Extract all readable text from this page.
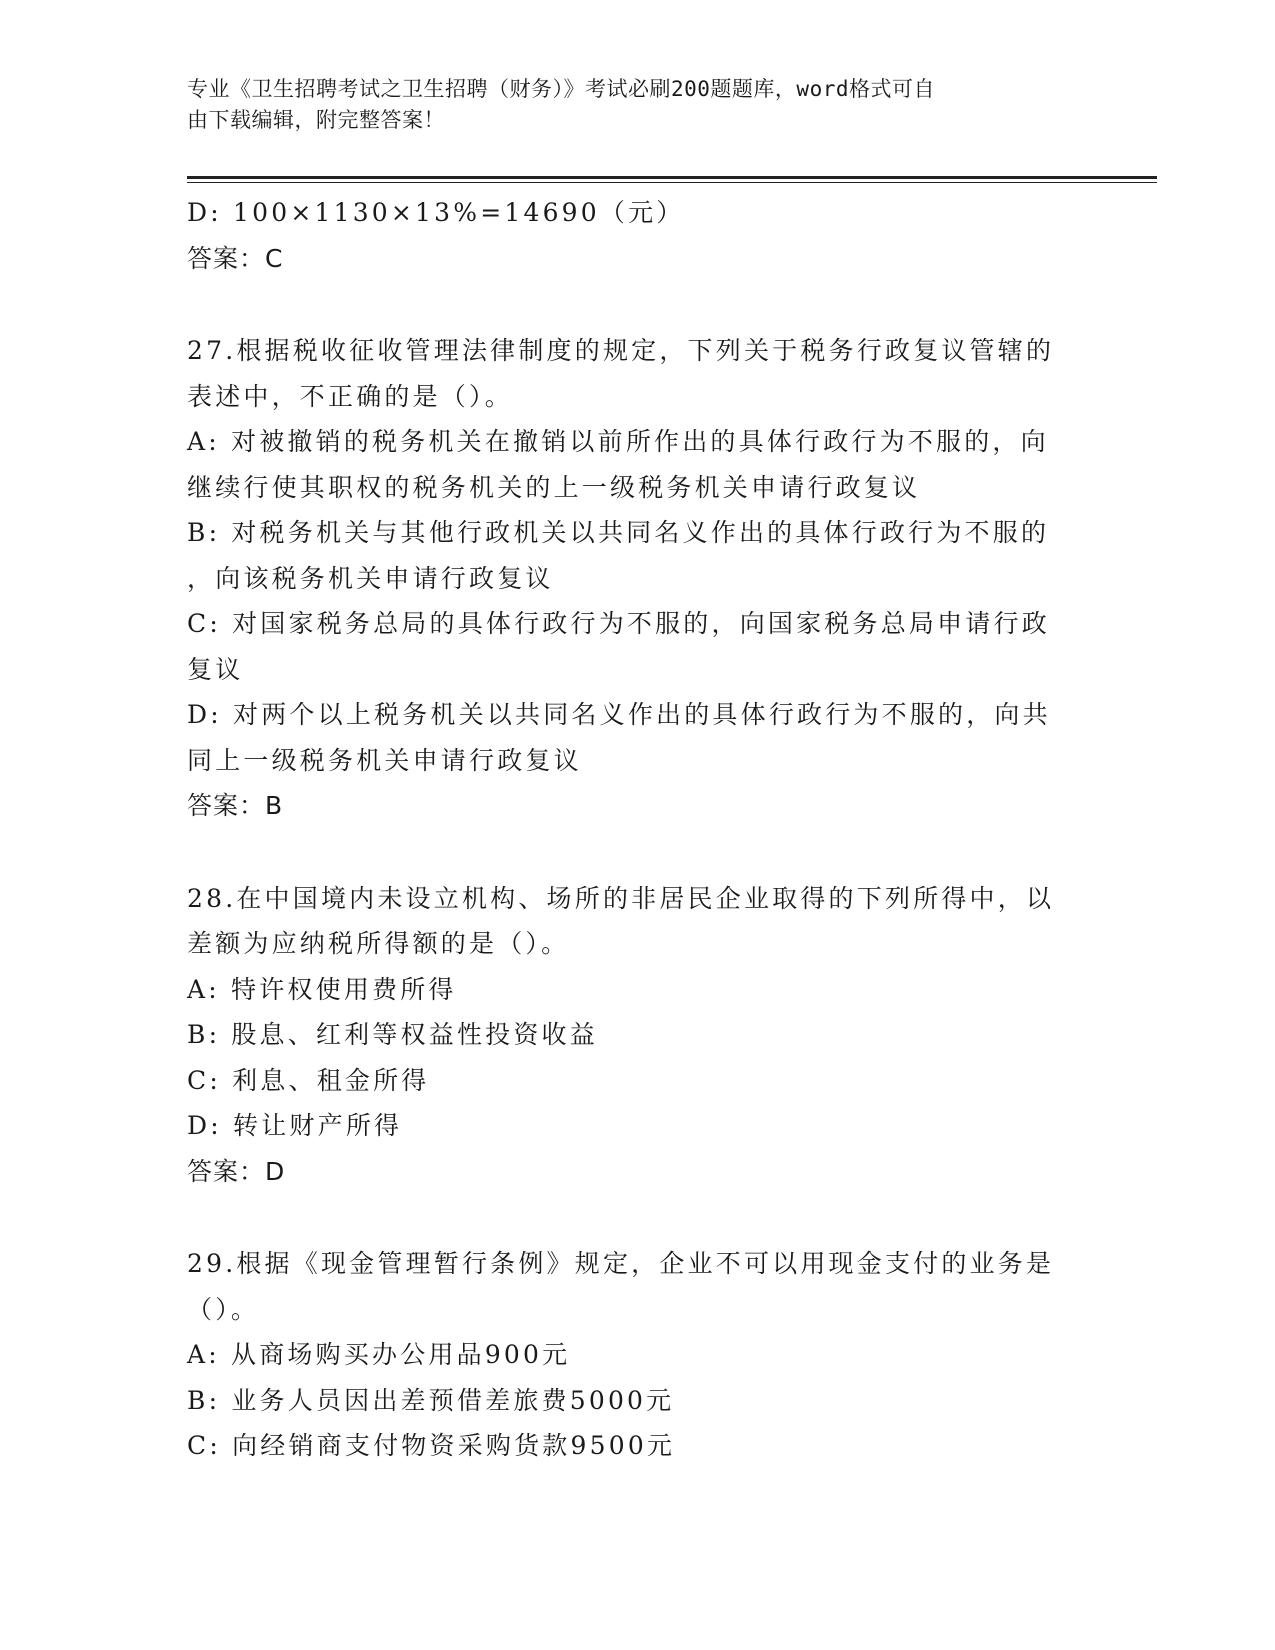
专业《卫生招聘考试之卫生招聘（财务）》考试必刷200题题库，word格式可自
由下载编辑，附完整答案！
D: 100×1130×13%=14690（元）
答案：C
27.根据税收征收管理法律制度的规定，下列关于税务行政复议管辖的
表述中，不正确的是（）。
A: 对被撤销的税务机关在撤销以前所作出的具体行政行为不服的，向
继续行使其职权的税务机关的上一级税务机关申请行政复议
B: 对税务机关与其他行政机关以共同名义作出的具体行政行为不服的
，向该税务机关申请行政复议
C: 对国家税务总局的具体行政行为不服的，向国家税务总局申请行政
复议
D: 对两个以上税务机关以共同名义作出的具体行政行为不服的，向共
同上一级税务机关申请行政复议
答案：B
28.在中国境内未设立机构、场所的非居民企业取得的下列所得中，以
差额为应纳税所得额的是（）。
A: 特许权使用费所得
B: 股息、红利等权益性投资收益
C: 利息、租金所得
D: 转让财产所得
答案：D
29.根据《现金管理暂行条例》规定，企业不可以用现金支付的业务是
（）。
A: 从商场购买办公用品900元
B: 业务人员因出差预借差旅费5000元
C: 向经销商支付物资采购货款9500元
